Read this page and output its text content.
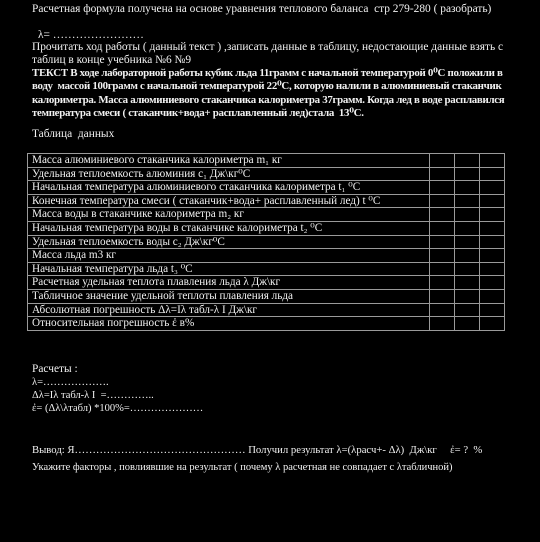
Расчетная формула получена на основе уравнения теплового баланса  стр 279-280 ( разобрать)

λ= ……………………

Прочитать ход работы ( данный текст ) ,записать данные в таблицу, недостающие данные взять с таблиц в конце учебника №6 №9

ТЕКСТ В ходе лабораторной работы кубик льда 11грамм с начальной температурой 0⁰С положили в воду  массой 100грамм с начальной температурой 22⁰С, которую налили в алюминиевый стаканчик калориметра. Масса алюминиевого стаканчика калориметра 37грамм. Когда лед в воде расплавился температура смеси ( стаканчик+вода+ расплавленный лед)стала  13⁰С.

Таблица  данных

Масса алюминиевого стаканчика калориметра m₁ кг			
Удельная теплоемкость алюминия c₁ Дж\кг⁰С			
Начальная температура алюминиевого стаканчика калориметра t₁ ⁰С			
Конечная температура смеси ( стаканчик+вода+ расплавленный лед) t ⁰С			
Масса воды в стаканчике калориметра m₂ кг			
Начальная температура воды в стаканчике калориметра t₂ ⁰С			
Удельная теплоемкость воды c₂ Дж\кг⁰С			
Масса льда m3 кг			
Начальная температура льда t₃ ⁰С			
Расчетная удельная теплота плавления льда λ Дж\кг			
Табличное значение удельной теплоты плавления льда			
Абсолютная погрешность Δλ=Iλ табл-λ I Дж\кг			
Относительная погрешность ἐ в%			

Расчеты :

λ=……………….

Δλ=Iλ табл-λ I  =…………..

ἐ= (Δλ\λтабл) *100%=…………………

Вывод: Я………………………………………… Получил результат λ=(λрасч+- Δλ)  Дж\кг     ἐ= ?  %

Укажите факторы , повлиявшие на результат ( почему λ расчетная не совпадает с λтабличной)
